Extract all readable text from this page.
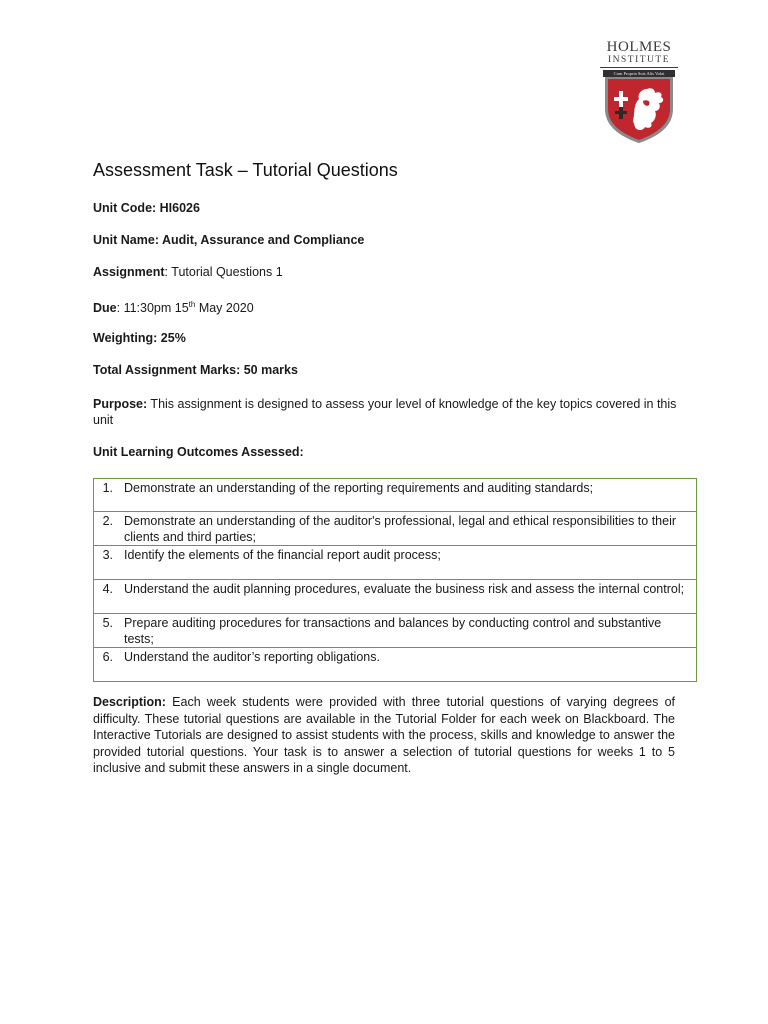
HOLMES
INSTITUTE
Cum Propria Suis Alis Volat
Assessment Task – Tutorial Questions
Unit Code: HI6026
Unit Name: Audit, Assurance and Compliance
Assignment: Tutorial Questions 1
Due: 11:30pm 15th May 2020
Weighting: 25%
Total Assignment Marks: 50 marks
Purpose: This assignment is designed to assess your level of knowledge of the key topics covered in this unit
Unit Learning Outcomes Assessed:
1. Demonstrate an understanding of the reporting requirements and auditing standards;

2. Demonstrate an understanding of the auditor's professional, legal and ethical responsibilities to their clients and third parties;

3. Identify the elements of the financial report audit process;

4. Understand the audit planning procedures, evaluate the business risk and assess the internal control;

5. Prepare auditing procedures for transactions and balances by conducting control and substantive tests;

6. Understand the auditor’s reporting obligations.
Description: Each week students were provided with three tutorial questions of varying degrees of difficulty. These tutorial questions are available in the Tutorial Folder for each week on Blackboard. The Interactive Tutorials are designed to assist students with the process, skills and knowledge to answer the provided tutorial questions. Your task is to answer a selection of tutorial questions for weeks 1 to 5 inclusive and submit these answers in a single document.
